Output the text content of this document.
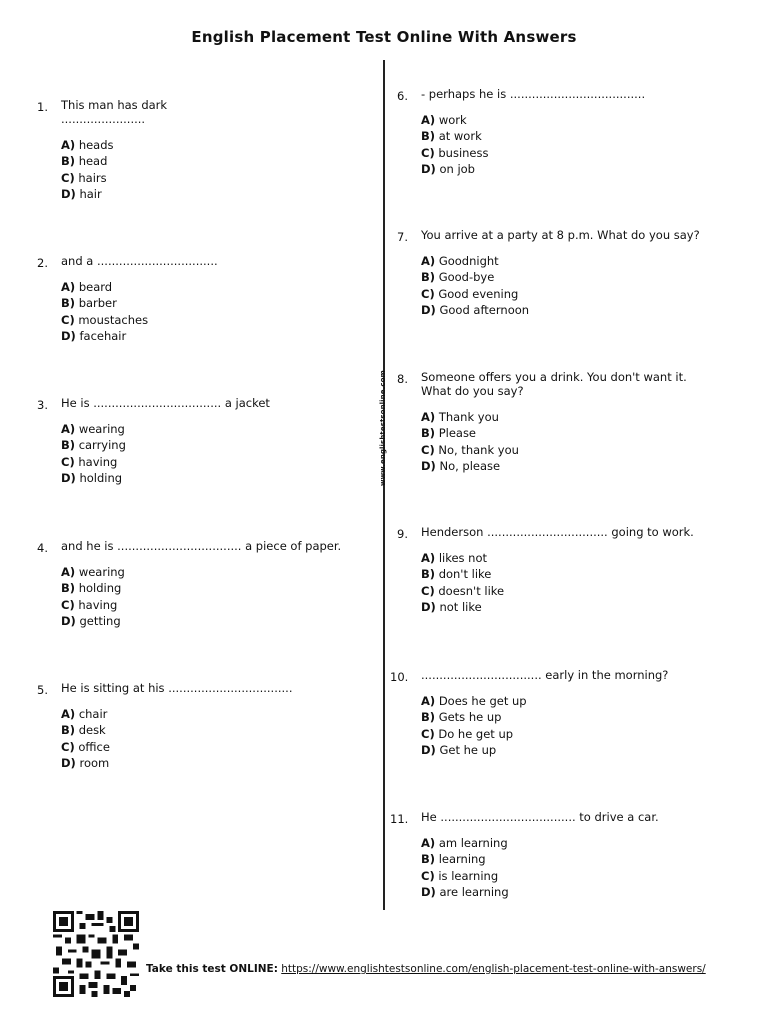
English Placement Test Online With Answers
www.englishtestsonline.com
1.	This man has dark .......................
A) heads
B) head
C) hairs
D) hair
2.	and a .................................
A) beard
B) barber
C) moustaches
D) facehair
3.	He is ................................... a jacket
A) wearing
B) carrying
C) having
D) holding
4.	and he is .................................. a piece of paper.
A) wearing
B) holding
C) having
D) getting
5.	He is sitting at his ..................................
A) chair
B) desk
C) office
D) room
6.	- perhaps he is .....................................
A) work
B) at work
C) business
D) on job
7.	You arrive at a party at 8 p.m. What do you say?
A) Goodnight
B) Good-bye
C) Good evening
D) Good afternoon
8.	Someone offers you a drink. You don't want it. What do you say?
A) Thank you
B) Please
C) No, thank you
D) No, please
9.	Henderson ................................. going to work.
A) likes not
B) don't like
C) doesn't like
D) not like
10.	................................. early in the morning?
A) Does he get up
B) Gets he up
C) Do he get up
D) Get he up
11.	He ..................................... to drive a car.
A) am learning
B) learning
C) is learning
D) are learning
Take this test ONLINE: https://www.englishtestsonline.com/english-placement-test-online-with-answers/
